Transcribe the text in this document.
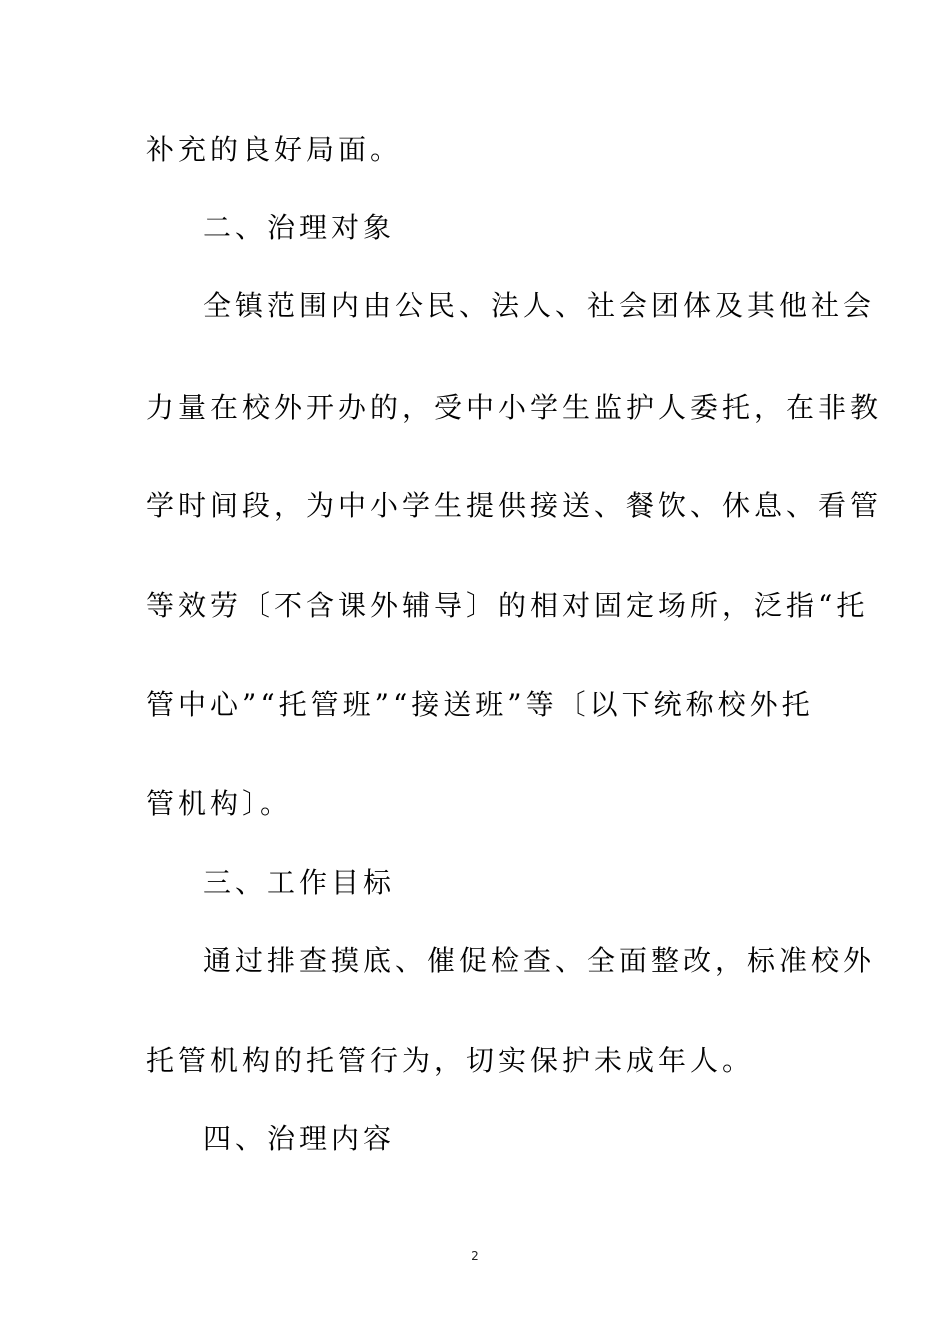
补充的良好局面。
二、治理对象
全镇范围内由公民、法人、社会团体及其他社会
力量在校外开办的，受中小学生监护人委托，在非教
学时间段，为中小学生提供接送、餐饮、休息、看管
等效劳〔不含课外辅导〕的相对固定场所，泛指“托
管中心”“托管班”“接送班”等〔以下统称校外托
管机构〕。
三、工作目标
通过排查摸底、催促检查、全面整改，标准校外
托管机构的托管行为，切实保护未成年人。
四、治理内容
2
